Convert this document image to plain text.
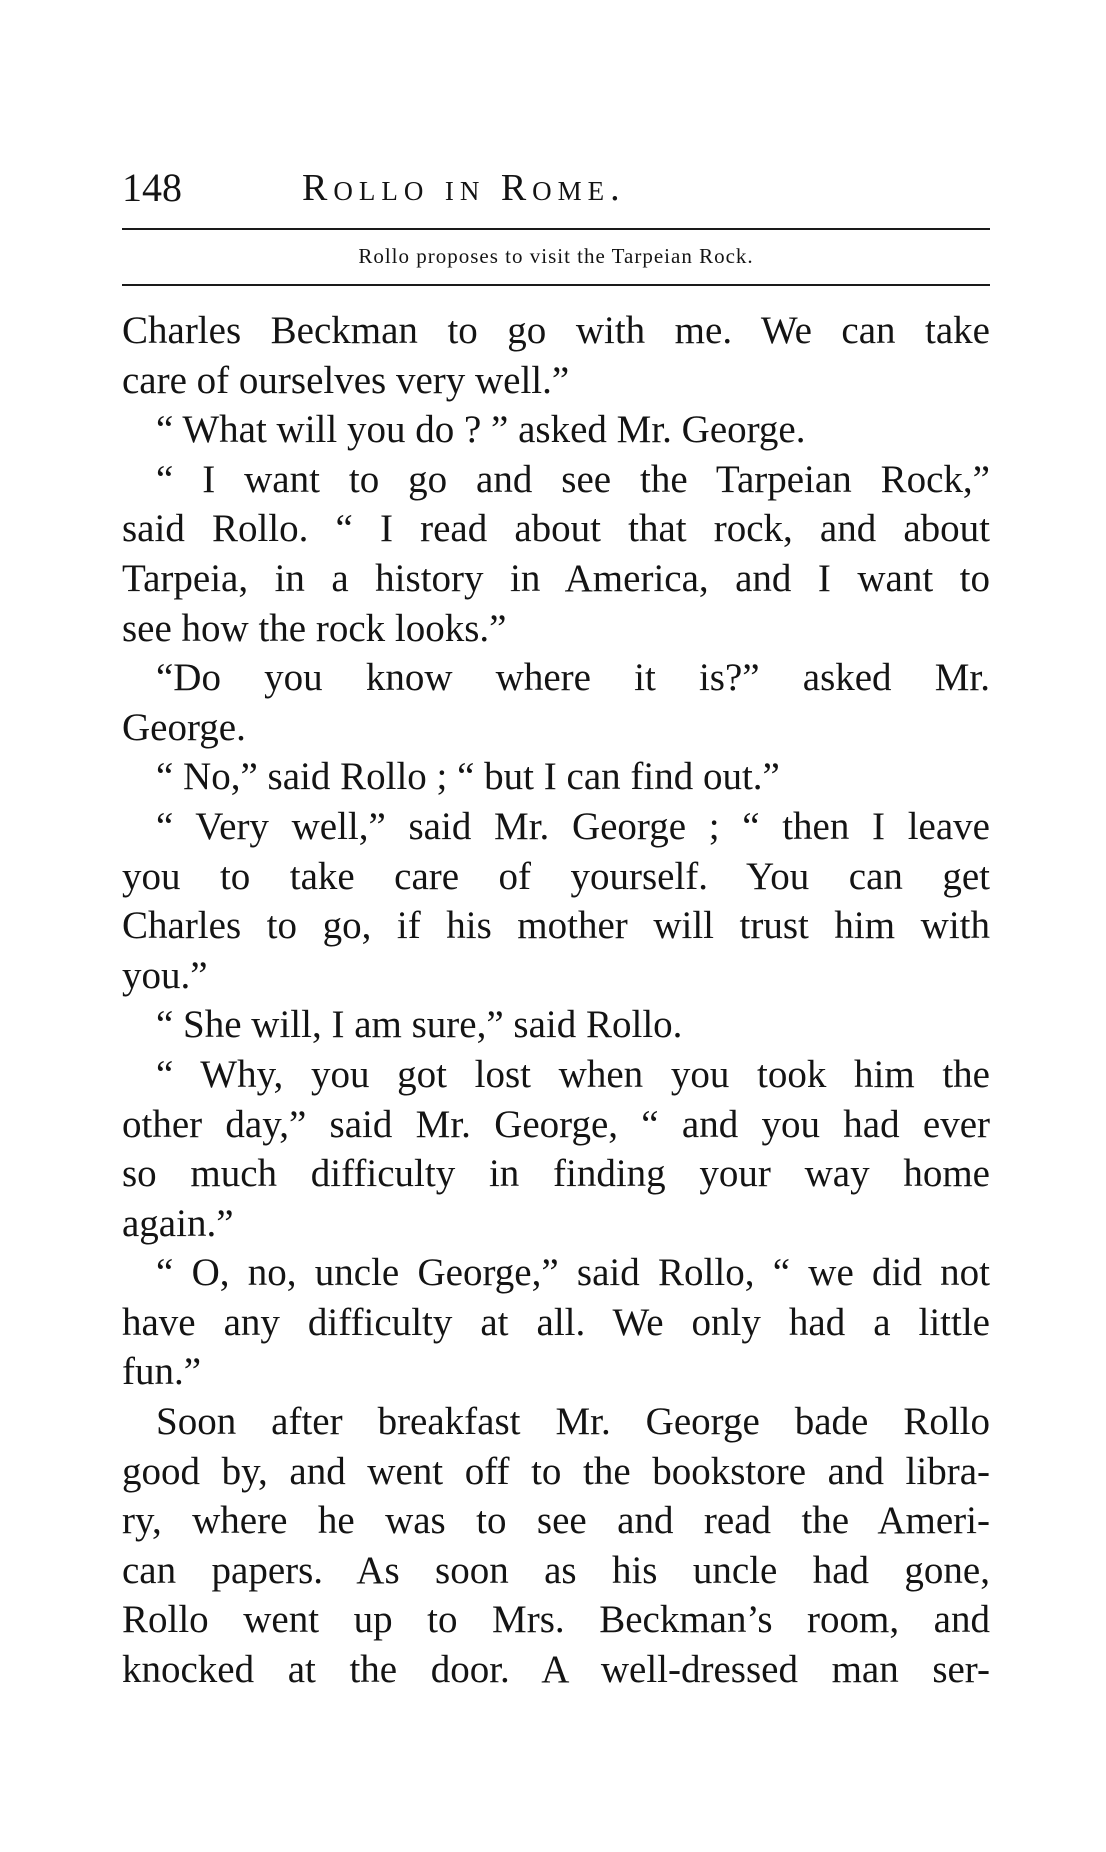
148	Rollo in Rome.
Rollo proposes to visit the Tarpeian Rock.
Charles Beckman to go with me. We can take
care of ourselves very well.”
“ What will you do ? ” asked Mr. George.
“ I want to go and see the Tarpeian Rock,”
said Rollo. “ I read about that rock, and about
Tarpeia, in a history in America, and I want to
see how the rock looks.”
“Do you know where it is?” asked Mr.
George.
“ No,” said Rollo ; “ but I can find out.”
“ Very well,” said Mr. George ; “ then I leave
you to take care of yourself. You can get
Charles to go, if his mother will trust him with
you.”
“ She will, I am sure,” said Rollo.
“ Why, you got lost when you took him the
other day,” said Mr. George, “ and you had ever
so much difficulty in finding your way home
again.”
“ O, no, uncle George,” said Rollo, “ we did not
have any difficulty at all. We only had a little
fun.”
Soon after breakfast Mr. George bade Rollo
good by, and went off to the bookstore and libra-
ry, where he was to see and read the Ameri-
can papers. As soon as his uncle had gone,
Rollo went up to Mrs. Beckman’s room, and
knocked at the door. A well-dressed man ser-
